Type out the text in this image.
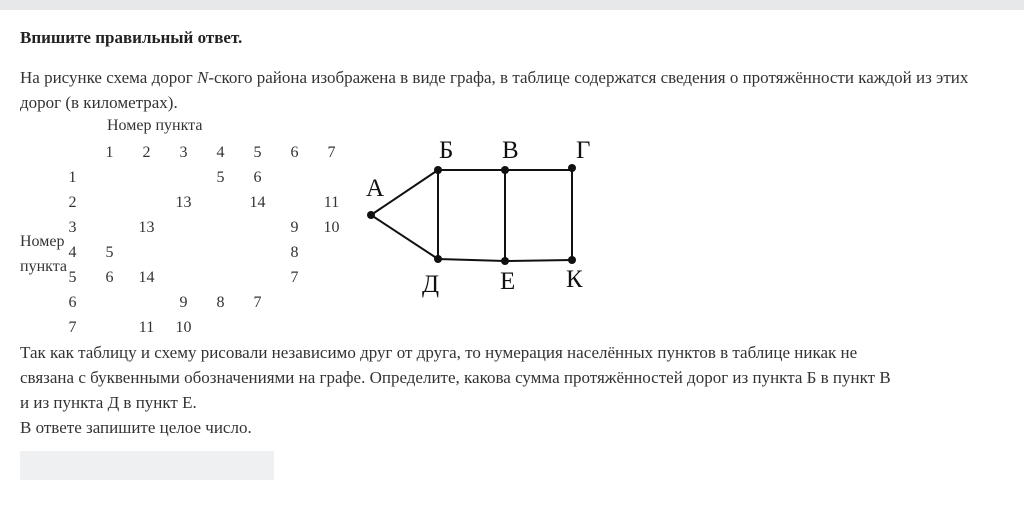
Впишите правильный ответ.
На рисунке схема дорог N-ского района изображена в виде графа, в таблице содержатся сведения о протяжённости каждой из этих дорог (в километрах).
Номер пункта
Номер
пункта
	1	2	3	4	5	6	7
1				5	6		
2			13		14		11
3		13				9	10
4	5					8	
5	6	14				7	
6			9	8	7		
7		11	10				
А
Б В Г
Д Е К
Так как таблицу и схему рисовали независимо друг от друга, то нумерация населённых пунктов в таблице никак не связана с буквенными обозначениями на графе. Определите, какова сумма протяжённостей дорог из пункта Б в пункт В и из пункта Д в пункт Е.
В ответе запишите целое число.
